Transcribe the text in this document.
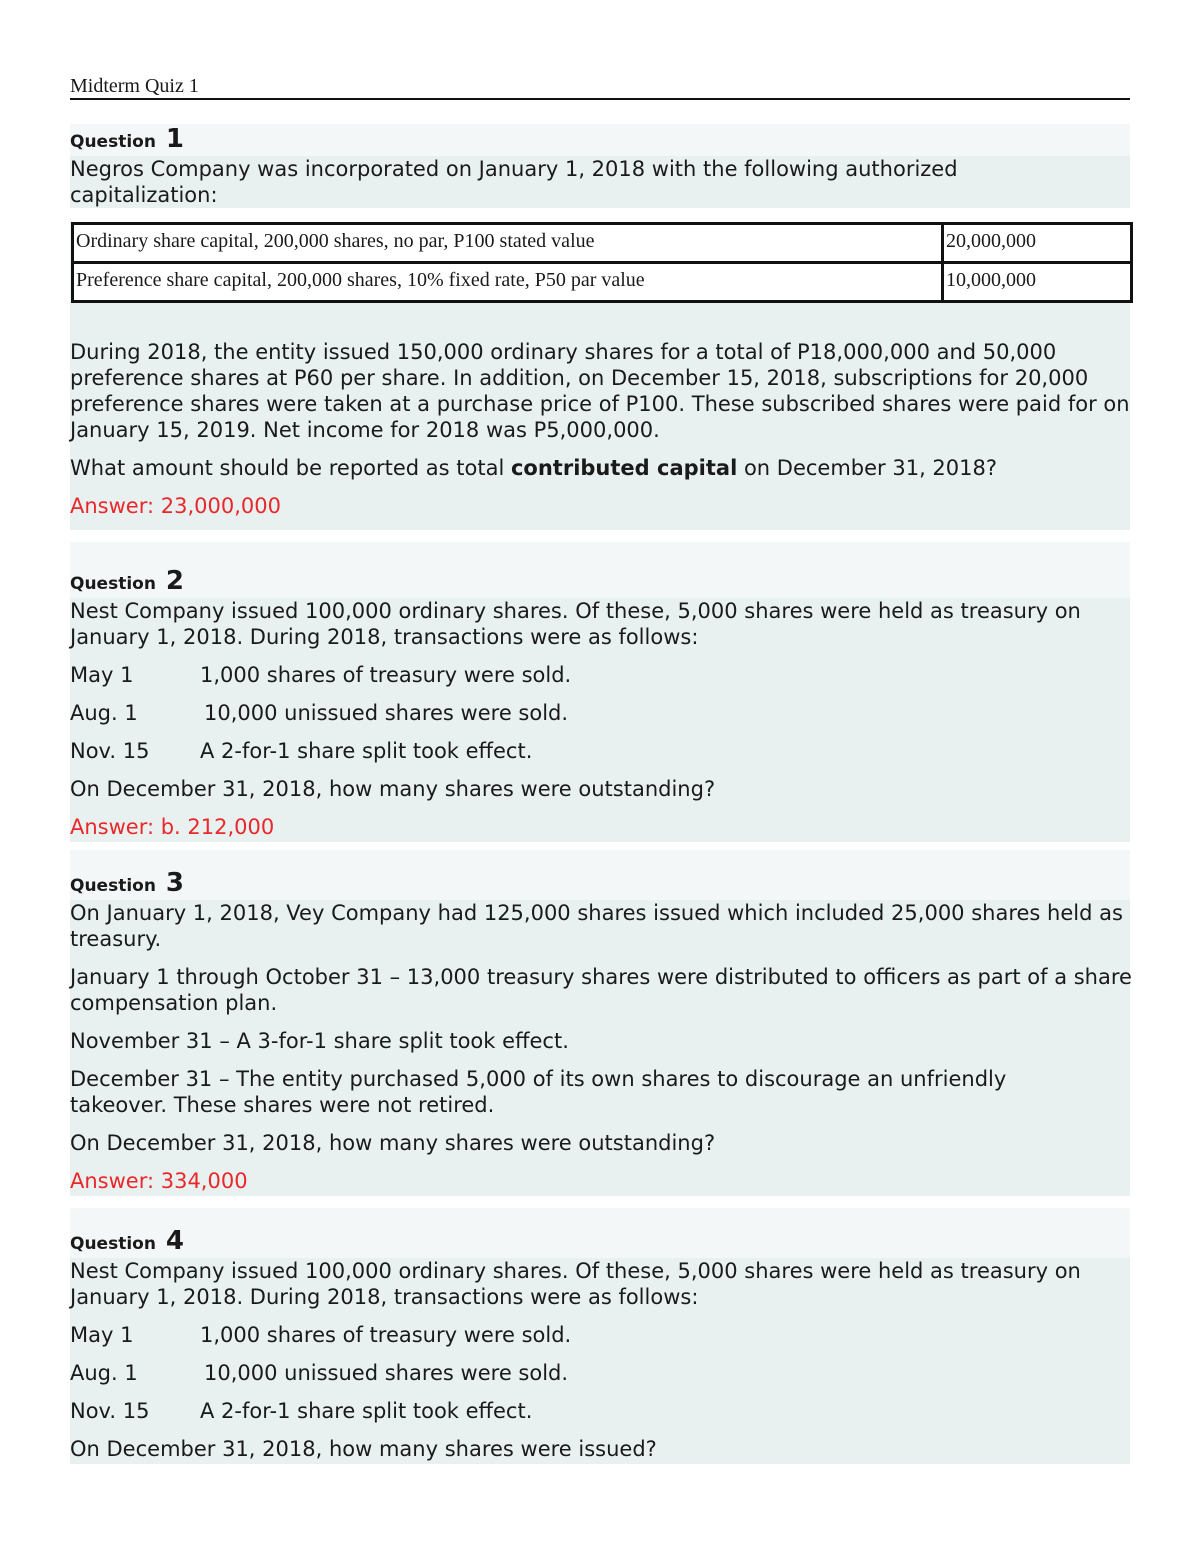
Midterm Quiz 1
Question 1

Negros Company was incorporated on January 1, 2018 with the following authorized capitalization:

Ordinary share capital, 200,000 shares, no par, P100 stated value	20,000,000
Preference share capital, 200,000 shares, 10% fixed rate, P50 par value	10,000,000

During 2018, the entity issued 150,000 ordinary shares for a total of P18,000,000 and 50,000 preference shares at P60 per share. In addition, on December 15, 2018, subscriptions for 20,000 preference shares were taken at a purchase price of P100. These subscribed shares were paid for on January 15, 2019. Net income for 2018 was P5,000,000.

What amount should be reported as total contributed capital on December 31, 2018?

Answer: 23,000,000

Question 2

Nest Company issued 100,000 ordinary shares. Of these, 5,000 shares were held as treasury on January 1, 2018. During 2018, transactions were as follows:

May 1	1,000 shares of treasury were sold.
Aug. 1	10,000 unissued shares were sold.
Nov. 15	A 2-for-1 share split took effect.

On December 31, 2018, how many shares were outstanding?

Answer: b. 212,000

Question 3

On January 1, 2018, Vey Company had 125,000 shares issued which included 25,000 shares held as treasury.

January 1 through October 31 – 13,000 treasury shares were distributed to officers as part of a share compensation plan.

November 31 – A 3-for-1 share split took effect.

December 31 – The entity purchased 5,000 of its own shares to discourage an unfriendly takeover. These shares were not retired.

On December 31, 2018, how many shares were outstanding?

Answer: 334,000

Question 4

Nest Company issued 100,000 ordinary shares. Of these, 5,000 shares were held as treasury on January 1, 2018. During 2018, transactions were as follows:

May 1	1,000 shares of treasury were sold.
Aug. 1	10,000 unissued shares were sold.
Nov. 15	A 2-for-1 share split took effect.

On December 31, 2018, how many shares were issued?
